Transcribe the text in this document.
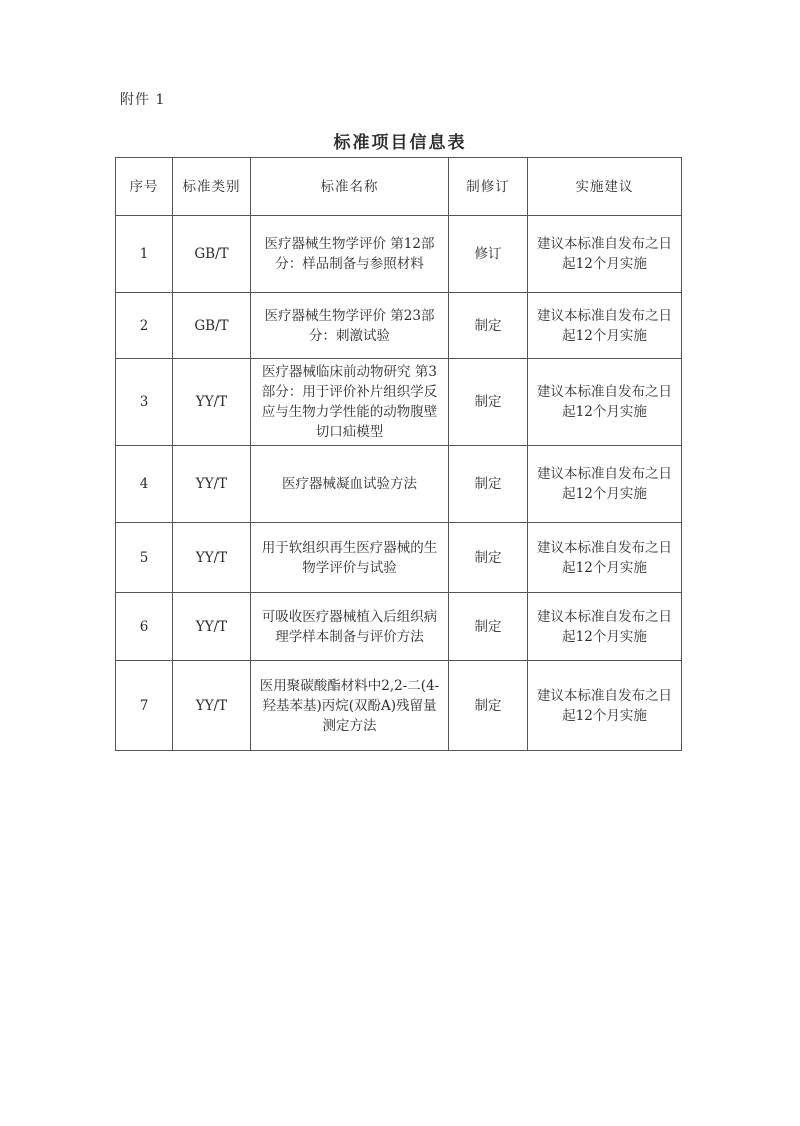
附件 1
标准项目信息表
序号	标准类别	标准名称	制修订	实施建议
1	GB/T	医疗器械生物学评价 第12部分：样品制备与参照材料	修订	建议本标准自发布之日起12个月实施
2	GB/T	医疗器械生物学评价 第23部分：刺激试验	制定	建议本标准自发布之日起12个月实施
3	YY/T	医疗器械临床前动物研究 第3部分：用于评价补片组织学反应与生物力学性能的动物腹壁切口疝模型	制定	建议本标准自发布之日起12个月实施
4	YY/T	医疗器械凝血试验方法	制定	建议本标准自发布之日起12个月实施
5	YY/T	用于软组织再生医疗器械的生物学评价与试验	制定	建议本标准自发布之日起12个月实施
6	YY/T	可吸收医疗器械植入后组织病理学样本制备与评价方法	制定	建议本标准自发布之日起12个月实施
7	YY/T	医用聚碳酸酯材料中2,2-二(4-羟基苯基)丙烷(双酚A)残留量测定方法	制定	建议本标准自发布之日起12个月实施
